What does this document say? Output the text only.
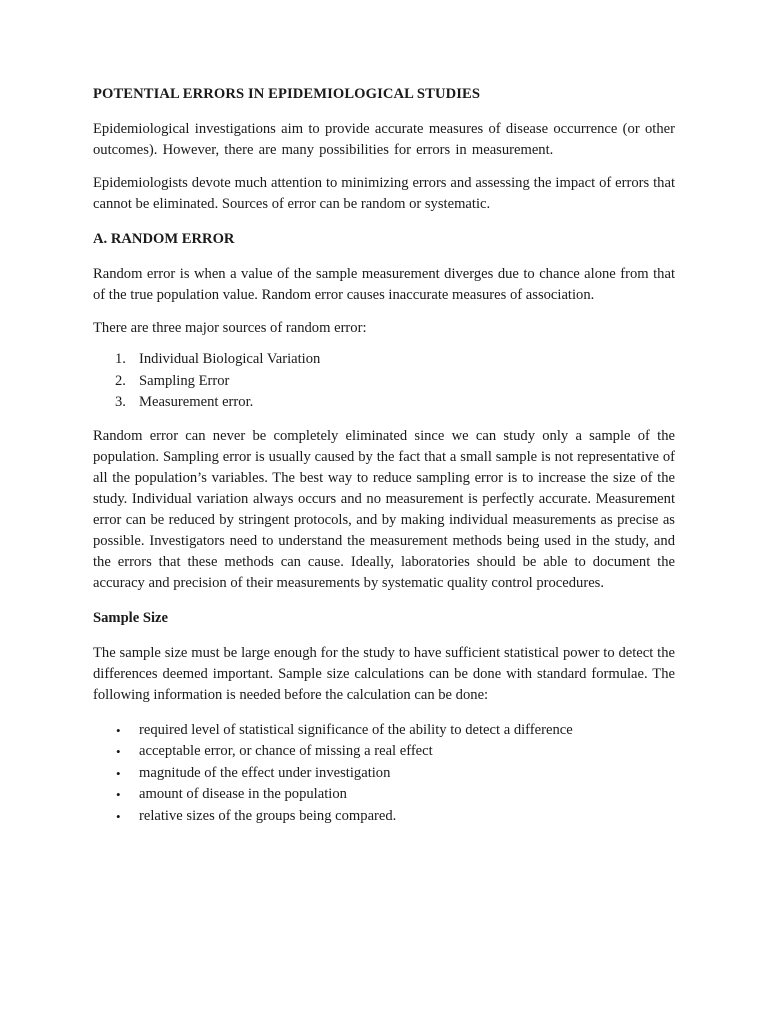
POTENTIAL ERRORS IN EPIDEMIOLOGICAL STUDIES

Epidemiological investigations aim to provide accurate measures of disease occurrence (or other outcomes). However, there are many possibilities for errors in measurement.

Epidemiologists devote much attention to minimizing errors and assessing the impact of errors that cannot be eliminated. Sources of error can be random or systematic.

A. RANDOM ERROR

Random error is when a value of the sample measurement diverges due to chance alone from that of the true population value. Random error causes inaccurate measures of association.

There are three major sources of random error:

1. Individual Biological Variation
2. Sampling Error
3. Measurement error.

Random error can never be completely eliminated since we can study only a sample of the population. Sampling error is usually caused by the fact that a small sample is not representative of all the population’s variables. The best way to reduce sampling error is to increase the size of the study. Individual variation always occurs and no measurement is perfectly accurate. Measurement error can be reduced by stringent protocols, and by making individual measurements as precise as possible. Investigators need to understand the measurement methods being used in the study, and the errors that these methods can cause. Ideally, laboratories should be able to document the accuracy and precision of their measurements by systematic quality control procedures.

Sample Size

The sample size must be large enough for the study to have sufficient statistical power to detect the differences deemed important. Sample size calculations can be done with standard formulae. The following information is needed before the calculation can be done:

• required level of statistical significance of the ability to detect a difference
• acceptable error, or chance of missing a real effect
• magnitude of the effect under investigation
• amount of disease in the population
• relative sizes of the groups being compared.
